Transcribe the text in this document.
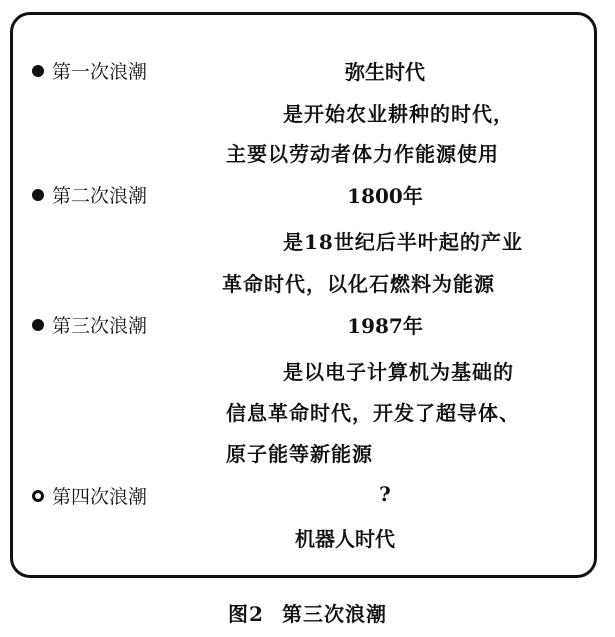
第一次浪潮	弥生时代
是开始农业耕种的时代，
主要以劳动者体力作能源使用
第二次浪潮	1800年
是18世纪后半叶起的产业
革命时代，以化石燃料为能源
第三次浪潮	1987年
是以电子计算机为基础的
信息革命时代，开发了超导体、
原子能等新能源
第四次浪潮	?
机器人时代
图2 第三次浪潮
